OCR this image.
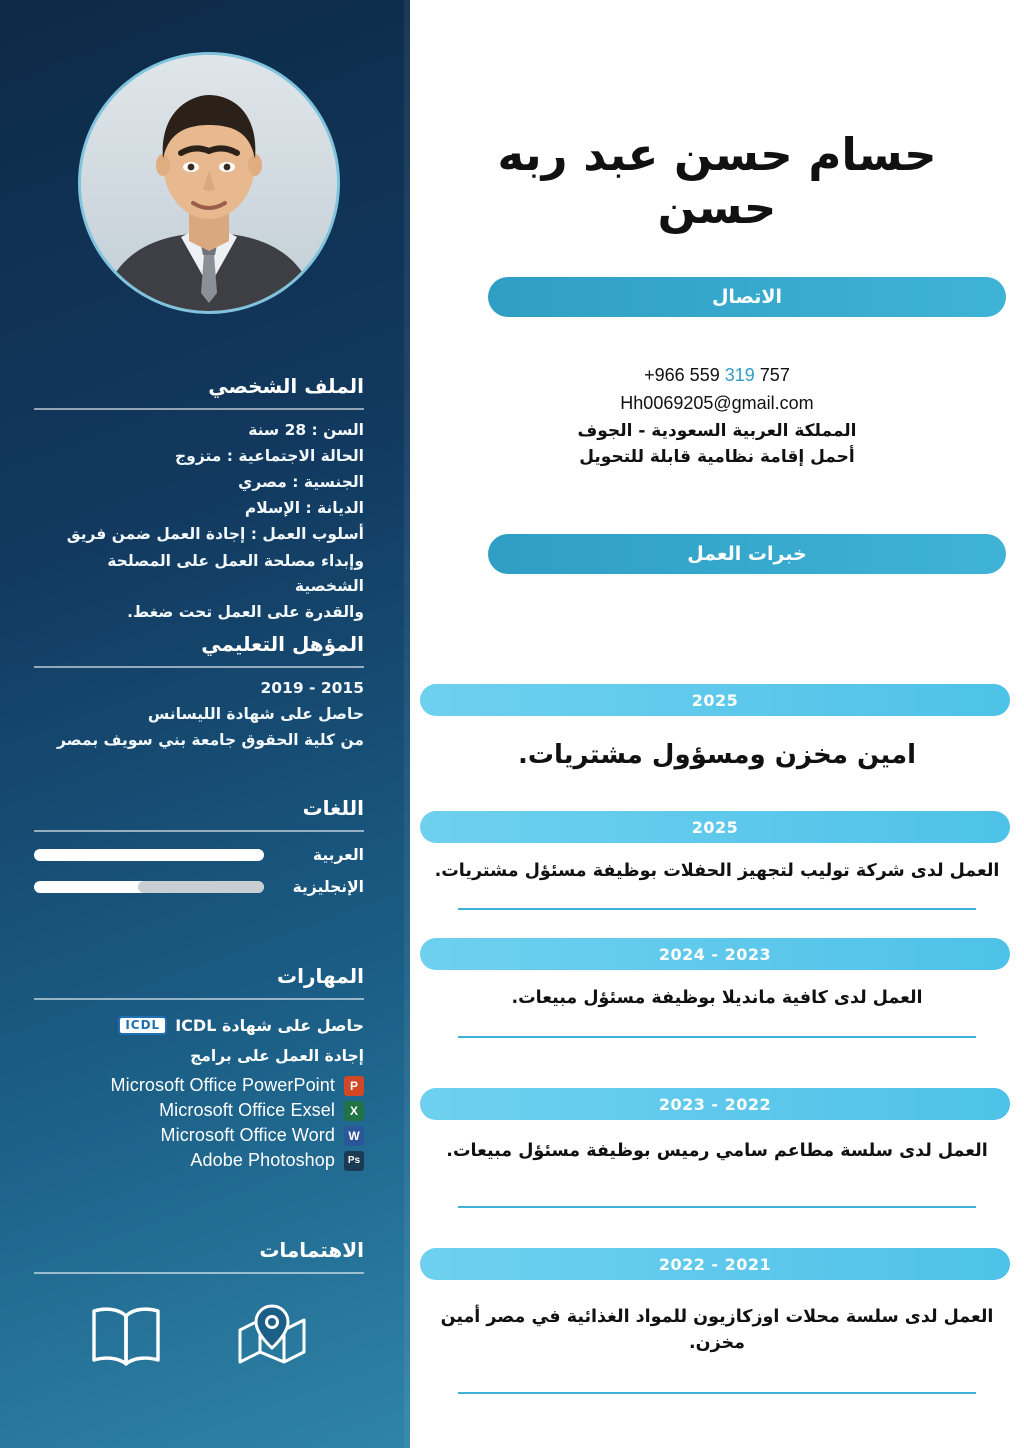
الملف الشخصي
السن : 28 سنة
الحالة الاجتماعية : متزوج
الجنسية : مصري
الديانة : الإسلام
أسلوب العمل : إجادة العمل ضمن فريق
وإبداء مصلحة العمل على المصلحة الشخصية
والقدرة على العمل تحت ضغط.
المؤهل التعليمي
2015 - 2019
حاصل على شهادة الليسانس
من كلية الحقوق جامعة بني سويف بمصر
اللغات
العربية
الإنجليزية
المهارات
حاصل على شهادة ICDL
ICDL
إجادة العمل على برامج
P
Microsoft Office PowerPoint
X
Microsoft Office Exsel
W
Microsoft Office Word
Ps
Adobe Photoshop
الاهتمامات
حسام حسن عبد ربه حسن
الاتصال
+966 559 319 757
Hh0069205@gmail.com
المملكة العربية السعودية - الجوف
أحمل إقامة نظامية قابلة للتحويل
خبرات العمل
2025
امين مخزن ومسؤول مشتريات.
2025
العمل لدى شركة توليب لتجهيز الحفلات بوظيفة مسئؤل مشتريات.
2023 - 2024
العمل لدى كافية مانديلا بوظيفة مسئؤل مبيعات.
2022 - 2023
العمل لدى سلسة مطاعم سامي رميس بوظيفة مسئؤل مبيعات.
2021 - 2022
العمل لدى سلسة محلات اوزكازيون للمواد الغذائية في مصر أمين مخزن.
